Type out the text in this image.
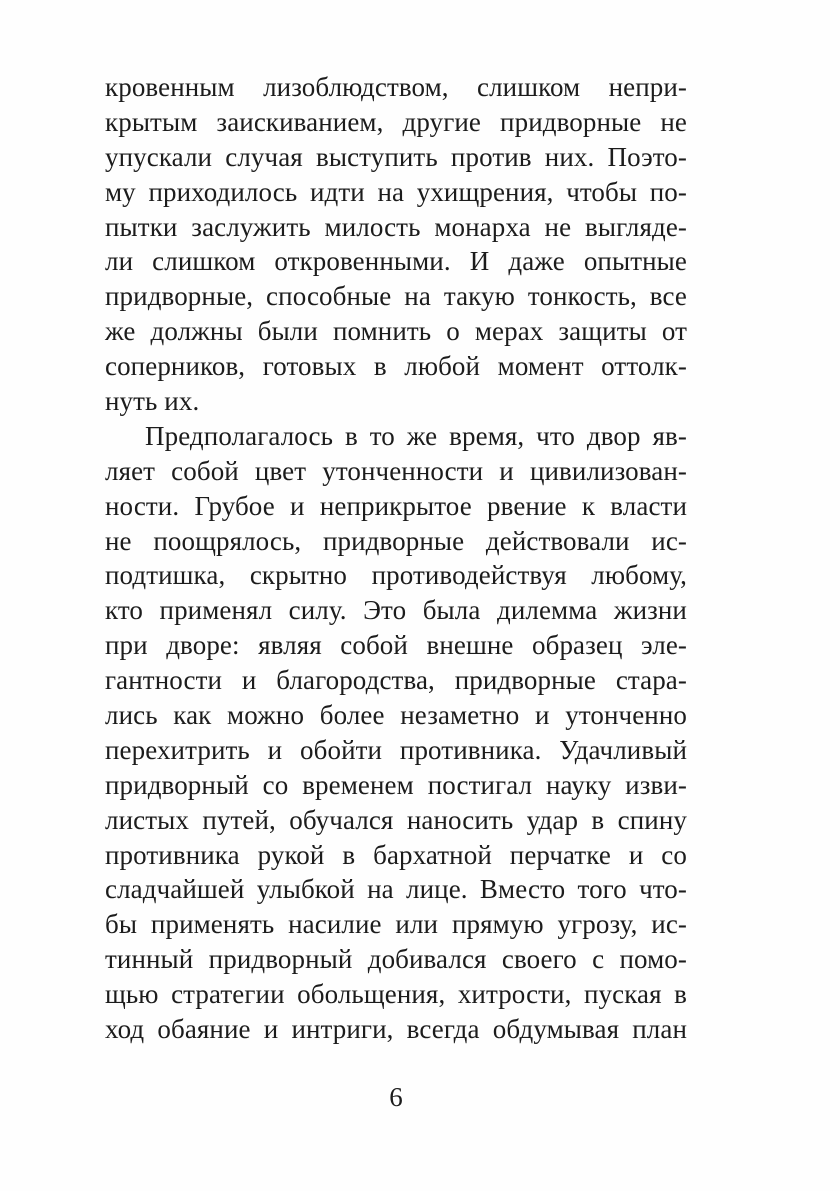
кровенным лизоблюдством, слишком непри-
крытым заискиванием, другие придворные не
упускали случая выступить против них. Поэто-
му приходилось идти на ухищрения, чтобы по-
пытки заслужить милость монарха не выгляде-
ли слишком откровенными. И даже опытные
придворные, способные на такую тонкость, все
же должны были помнить о мерах защиты от
соперников, готовых в любой момент оттолк-
нуть их.
Предполагалось в то же время, что двор яв-
ляет собой цвет утонченности и цивилизован-
ности. Грубое и неприкрытое рвение к власти
не поощрялось, придворные действовали ис-
подтишка, скрытно противодействуя любому,
кто применял силу. Это была дилемма жизни
при дворе: являя собой внешне образец эле-
гантности и благородства, придворные стара-
лись как можно более незаметно и утонченно
перехитрить и обойти противника. Удачливый
придворный со временем постигал науку изви-
листых путей, обучался наносить удар в спину
противника рукой в бархатной перчатке и со
сладчайшей улыбкой на лице. Вместо того что-
бы применять насилие или прямую угрозу, ис-
тинный придворный добивался своего с помо-
щью стратегии обольщения, хитрости, пуская в
ход обаяние и интриги, всегда обдумывая план
6
